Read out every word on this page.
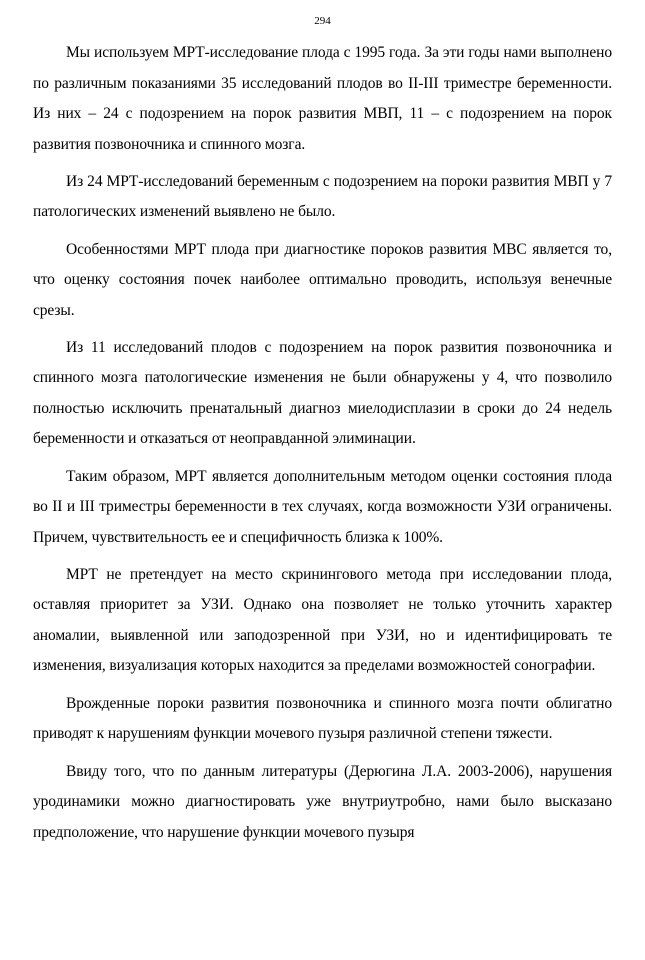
294

Мы используем МРТ-исследование плода с 1995 года. За эти годы нами выполнено по различным показаниями 35 исследований плодов во II-III триместре беременности. Из них – 24 с подозрением на порок развития МВП, 11 – с подозрением на порок развития позвоночника и спинного мозга.

Из 24 МРТ-исследований беременным с подозрением на пороки развития МВП у 7 патологических изменений выявлено не было.

Особенностями МРТ плода при диагностике пороков развития МВС является то, что оценку состояния почек наиболее оптимально проводить, используя венечные срезы.

Из 11 исследований плодов с подозрением на порок развития позвоночника и спинного мозга патологические изменения не были обнаружены у 4, что позволило полностью исключить пренатальный диагноз миелодисплазии в сроки до 24 недель беременности и отказаться от неоправданной элиминации.

Таким образом, МРТ является дополнительным методом оценки состояния плода во II и III триместры беременности в тех случаях, когда возможности УЗИ ограничены. Причем, чувствительность ее и специфичность близка к 100%.

МРТ не претендует на место скринингового метода при исследовании плода, оставляя приоритет за УЗИ. Однако она позволяет не только уточнить характер аномалии, выявленной или заподозренной при УЗИ, но и идентифицировать те изменения, визуализация которых находится за пределами возможностей сонографии.

Врожденные пороки развития позвоночника и спинного мозга почти облигатно приводят к нарушениям функции мочевого пузыря различной степени тяжести.

Ввиду того, что по данным литературы (Дерюгина Л.А. 2003-2006), нарушения уродинамики можно диагностировать уже внутриутробно, нами было высказано предположение, что нарушение функции мочевого пузыря
